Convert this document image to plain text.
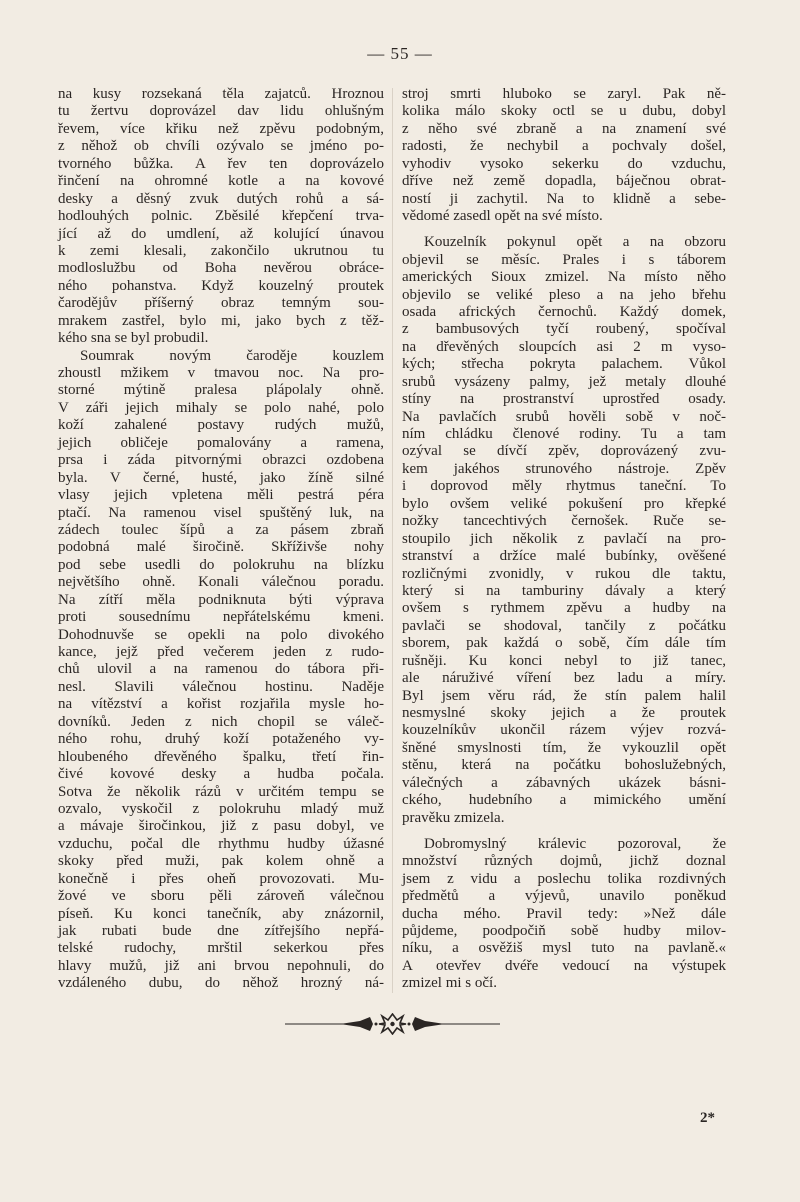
— 55 —
na kusy rozsekaná těla zajatců. Hroznou
tu žertvu doprovázel dav lidu ohlušným
řevem, více křiku než zpěvu podobným,
z něhož ob chvíli ozývalo se jméno po-
tvorného bůžka. A řev ten doprovázelo
řinčení na ohromné kotle a na kovové
desky a děsný zvuk dutých rohů a sá-
hodlouhých polnic. Zběsilé křepčení trva-
jící až do umdlení, až kolující únavou
k zemi klesali, zakončilo ukrutnou tu
modloslužbu od Boha nevěrou obráce-
ného pohanstva. Když kouzelný proutek
čarodějův příšerný obraz temným sou-
mrakem zastřel, bylo mi, jako bych z těž-
kého sna se byl probudil.
Soumrak novým čaroděje kouzlem
zhoustl mžikem v tmavou noc. Na pro-
storné mýtině pralesa plápolaly ohně.
V záři jejich mihaly se polo nahé, polo
koží zahalené postavy rudých mužů,
jejich obličeje pomalovány a ramena,
prsa i záda pitvornými obrazci ozdobena
byla. V černé, husté, jako žíně silné
vlasy jejich vpletena měli pestrá péra
ptačí. Na ramenou visel spuštěný luk, na
zádech toulec šípů a za pásem zbraň
podobná malé širočině. Skříživše nohy
pod sebe usedli do polokruhu na blízku
největšího ohně. Konali válečnou poradu.
Na zítří měla podniknuta býti výprava
proti sousednímu nepřátelskému kmeni.
Dohodnuvše se opekli na polo divokého
kance, jejž před večerem jeden z rudo-
chů ulovil a na ramenou do tábora při-
nesl. Slavili válečnou hostinu. Naděje
na vítězství a kořist rozjařila mysle ho-
dovníků. Jeden z nich chopil se váleč-
ného rohu, druhý koží potaženého vy-
hloubeného dřevěného špalku, třetí řin-
čivé kovové desky a hudba počala.
Sotva že několik rázů v určitém tempu se
ozvalo, vyskočil z polokruhu mladý muž
a mávaje širočinkou, již z pasu dobyl, ve
vzduchu, počal dle rhythmu hudby úžasné
skoky před muži, pak kolem ohně a
konečně i přes oheň provozovati. Mu-
žové ve sboru pěli zároveň válečnou
píseň. Ku konci tanečník, aby znázornil,
jak rubati bude dne zítřejšího nepřá-
telské rudochy, mrštil sekerkou přes
hlavy mužů, již ani brvou nepohnuli, do
vzdáleného dubu, do něhož hrozný ná-
stroj smrti hluboko se zaryl. Pak ně-
kolika málo skoky octl se u dubu, dobyl
z něho své zbraně a na znamení své
radosti, že nechybil a pochvaly došel,
vyhodiv vysoko sekerku do vzduchu,
dříve než země dopadla, báječnou obrat-
ností ji zachytil. Na to klidně a sebe-
vědomé zasedl opět na své místo.
Kouzelník pokynul opět a na obzoru
objevil se měsíc. Prales i s táborem
amerických Sioux zmizel. Na místo něho
objevilo se veliké pleso a na jeho břehu
osada afrických černochů. Každý domek,
z bambusových tyčí roubený, spočíval
na dřevěných sloupcích asi 2 m vyso-
kých; střecha pokryta palachem. Vůkol
srubů vysázeny palmy, jež metaly dlouhé
stíny na prostranství uprostřed osady.
Na pavlačích srubů hověli sobě v noč-
ním chládku členové rodiny. Tu a tam
ozýval se dívčí zpěv, doprovázený zvu-
kem jakéhos strunového nástroje. Zpěv
i doprovod měly rhytmus taneční. To
bylo ovšem veliké pokušení pro křepké
nožky tancechtivých černošek. Ruče se-
stoupilo jich několik z pavlačí na pro-
stranství a držíce malé bubínky, ověšené
rozličnými zvonidly, v rukou dle taktu,
který si na tamburiny dávaly a který
ovšem s rythmem zpěvu a hudby na
pavlači se shodoval, tančily z počátku
sborem, pak každá o sobě, čím dále tím
rušněji. Ku konci nebyl to již tanec,
ale náruživé víření bez ladu a míry.
Byl jsem věru rád, že stín palem halil
nesmyslné skoky jejich a že proutek
kouzelníkův ukončil rázem výjev rozvá-
šněné smyslnosti tím, že vykouzlil opět
stěnu, která na počátku bohoslužebných,
válečných a zábavných ukázek básni-
ckého, hudebního a mimického umění
pravěku zmizela.
Dobromyslný králevic pozoroval, že
množství různých dojmů, jichž doznal
jsem z vidu a poslechu tolika rozdivných
předmětů a výjevů, unavilo poněkud
ducha mého. Pravil tedy: »Než dále
půjdeme, poodpočiň sobě hudby milov-
níku, a osvěžiš mysl tuto na pavlaně.«
A otevřev dvéře vedoucí na výstupek
zmizel mi s očí.
2*
